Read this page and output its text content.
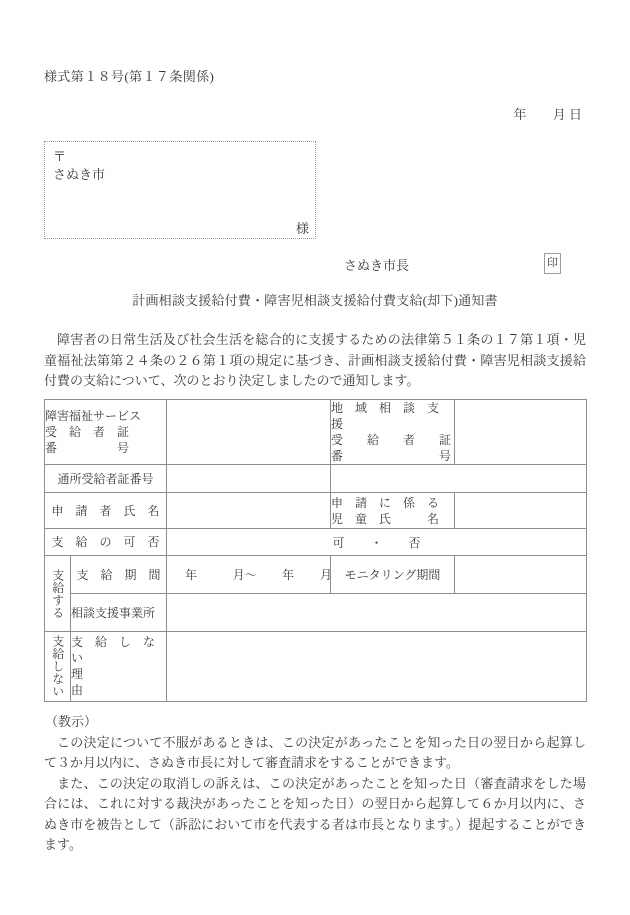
様式第１８号(第１７条関係)
年 月 日
〒
さぬき市
様
さぬき市長	印
計画相談支援給付費・障害児相談支援給付費支給(却下)通知書
障害者の日常生活及び社会生活を総合的に支援するための法律第５１条の１７第１項・児童福祉法第第２４条の２６第１項の規定に基づき、計画相談支援給付費・障害児相談支援給付費の支給について、次のとおり決定しましたので通知します。
障害福祉サービス
受　給　者　証
番　　　　　号

地　域　相　談　支　援
受　　給　　者　　証
番　　　　　　　　号

通所受給者証番号			

申　請　者　氏　名			申　請　に　係　る
児　童　氏　　　名	

支　給　の　可　否		可 ・ 否		

支給する	支　給　期　間	年 月〜 年 月	モニタリング期間	
	相談支援事業所			

支給しない	支　給　し　な　い
理　　　　　　　由			

（教示）

この決定について不服があるときは、この決定があったことを知った日の翌日から起算して３か月以内に、さぬき市長に対して審査請求をすることができます。

また、この決定の取消しの訴えは、この決定があったことを知った日（審査請求をした場合には、これに対する裁決があったことを知った日）の翌日から起算して６か月以内に、さぬき市を被告として（訴訟において市を代表する者は市長となります。）提起することができます。
